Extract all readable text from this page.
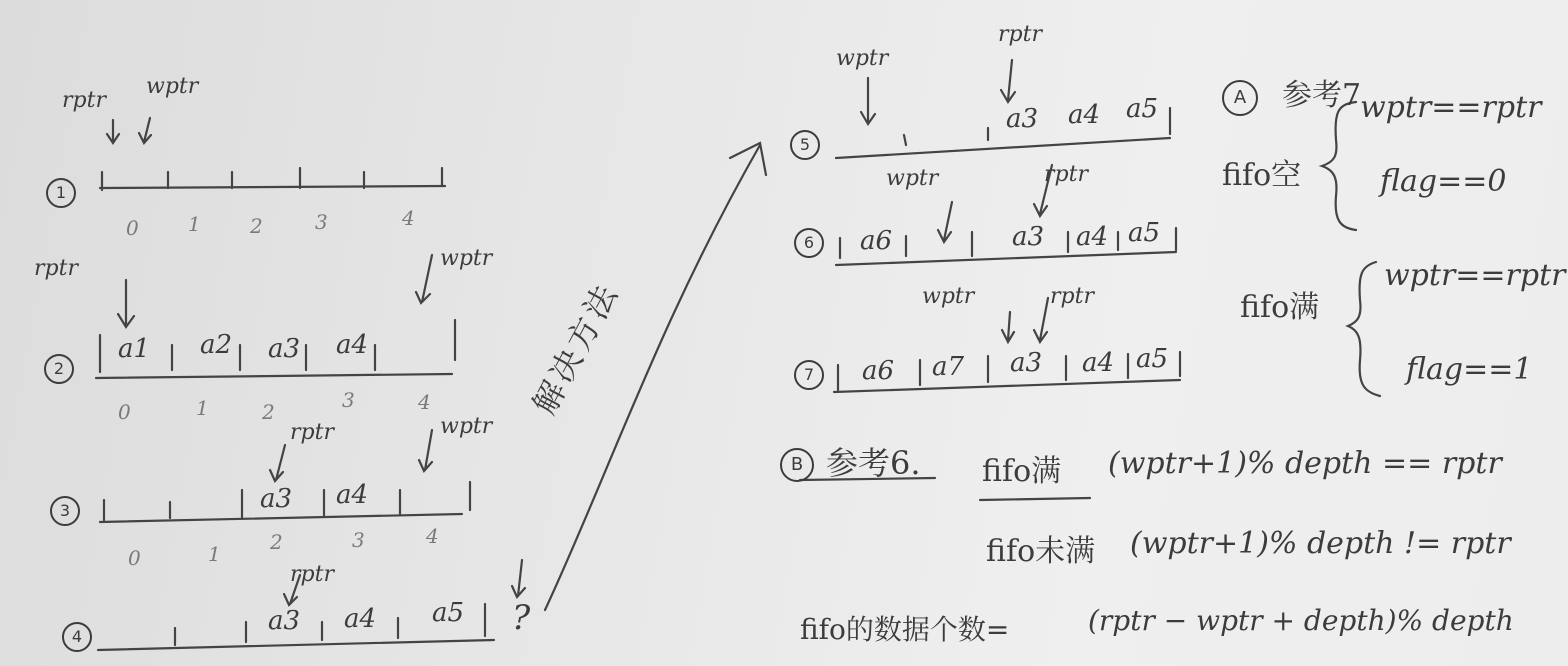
1
rptr
wptr
0 1 2	3	4
2
rptr	wptr
a1 a2 a3 a4
0	1	2	3	4
3
rptr	wptr
a3 a4
0	1 2	3	4
4
rptr
a3 a4 a5 ?
解决方法
5
wptr
rptr
a3 a4 a5
6
wptr	rptr
a6	a3 a4 a5
7
wptr	rptr
a6 a7 a3 a4 a5
A	参考7
fifo空
wptr==rptr
flag==0
fifo满
wptr==rptr
flag==1
B 参考6. fifo满 (wptr+1)% depth == rptr
fifo未满 (wptr+1)% depth != rptr
fifo的数据个数=	(rptr − wptr + depth)% depth
